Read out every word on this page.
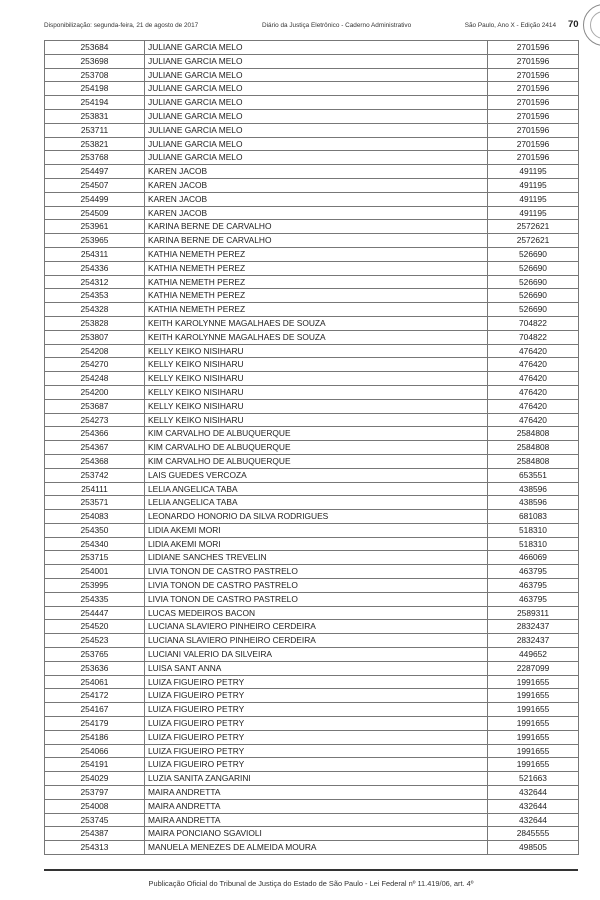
Disponibilização: segunda-feira, 21 de agosto de 2017	Diário da Justiça Eletrônico - Caderno Administrativo	São Paulo, Ano X - Edição 2414 70
253684	JULIANE GARCIA MELO	2701596
253698	JULIANE GARCIA MELO	2701596
253708	JULIANE GARCIA MELO	2701596
254198	JULIANE GARCIA MELO	2701596
254194	JULIANE GARCIA MELO	2701596
253831	JULIANE GARCIA MELO	2701596
253711	JULIANE GARCIA MELO	2701596
253821	JULIANE GARCIA MELO	2701596
253768	JULIANE GARCIA MELO	2701596
254497	KAREN JACOB	491195
254507	KAREN JACOB	491195
254499	KAREN JACOB	491195
254509	KAREN JACOB	491195
253961	KARINA BERNE DE CARVALHO	2572621
253965	KARINA BERNE DE CARVALHO	2572621
254311	KATHIA NEMETH PEREZ	526690
254336	KATHIA NEMETH PEREZ	526690
254312	KATHIA NEMETH PEREZ	526690
254353	KATHIA NEMETH PEREZ	526690
254328	KATHIA NEMETH PEREZ	526690
253828	KEITH KAROLYNNE MAGALHAES DE SOUZA	704822
253807	KEITH KAROLYNNE MAGALHAES DE SOUZA	704822
254208	KELLY KEIKO NISIHARU	476420
254270	KELLY KEIKO NISIHARU	476420
254248	KELLY KEIKO NISIHARU	476420
254200	KELLY KEIKO NISIHARU	476420
253687	KELLY KEIKO NISIHARU	476420
254273	KELLY KEIKO NISIHARU	476420
254366	KIM CARVALHO DE ALBUQUERQUE	2584808
254367	KIM CARVALHO DE ALBUQUERQUE	2584808
254368	KIM CARVALHO DE ALBUQUERQUE	2584808
253742	LAIS GUEDES VERCOZA	653551
254111	LELIA ANGELICA TABA	438596
253571	LELIA ANGELICA TABA	438596
254083	LEONARDO HONORIO DA SILVA RODRIGUES	681083
254350	LIDIA AKEMI MORI	518310
254340	LIDIA AKEMI MORI	518310
253715	LIDIANE SANCHES TREVELIN	466069
254001	LIVIA TONON DE CASTRO PASTRELO	463795
253995	LIVIA TONON DE CASTRO PASTRELO	463795
254335	LIVIA TONON DE CASTRO PASTRELO	463795
254447	LUCAS MEDEIROS BACON	2589311
254520	LUCIANA SLAVIERO PINHEIRO CERDEIRA	2832437
254523	LUCIANA SLAVIERO PINHEIRO CERDEIRA	2832437
253765	LUCIANI VALERIO DA SILVEIRA	449652
253636	LUISA SANT ANNA	2287099
254061	LUIZA FIGUEIRO PETRY	1991655
254172	LUIZA FIGUEIRO PETRY	1991655
254167	LUIZA FIGUEIRO PETRY	1991655
254179	LUIZA FIGUEIRO PETRY	1991655
254186	LUIZA FIGUEIRO PETRY	1991655
254066	LUIZA FIGUEIRO PETRY	1991655
254191	LUIZA FIGUEIRO PETRY	1991655
254029	LUZIA SANITA ZANGARINI	521663
253797	MAIRA ANDRETTA	432644
254008	MAIRA ANDRETTA	432644
253745	MAIRA ANDRETTA	432644
254387	MAIRA PONCIANO SGAVIOLI	2845555
254313	MANUELA MENEZES DE ALMEIDA MOURA	498505
Publicação Oficial do Tribunal de Justiça do Estado de São Paulo - Lei Federal nº 11.419/06, art. 4º
